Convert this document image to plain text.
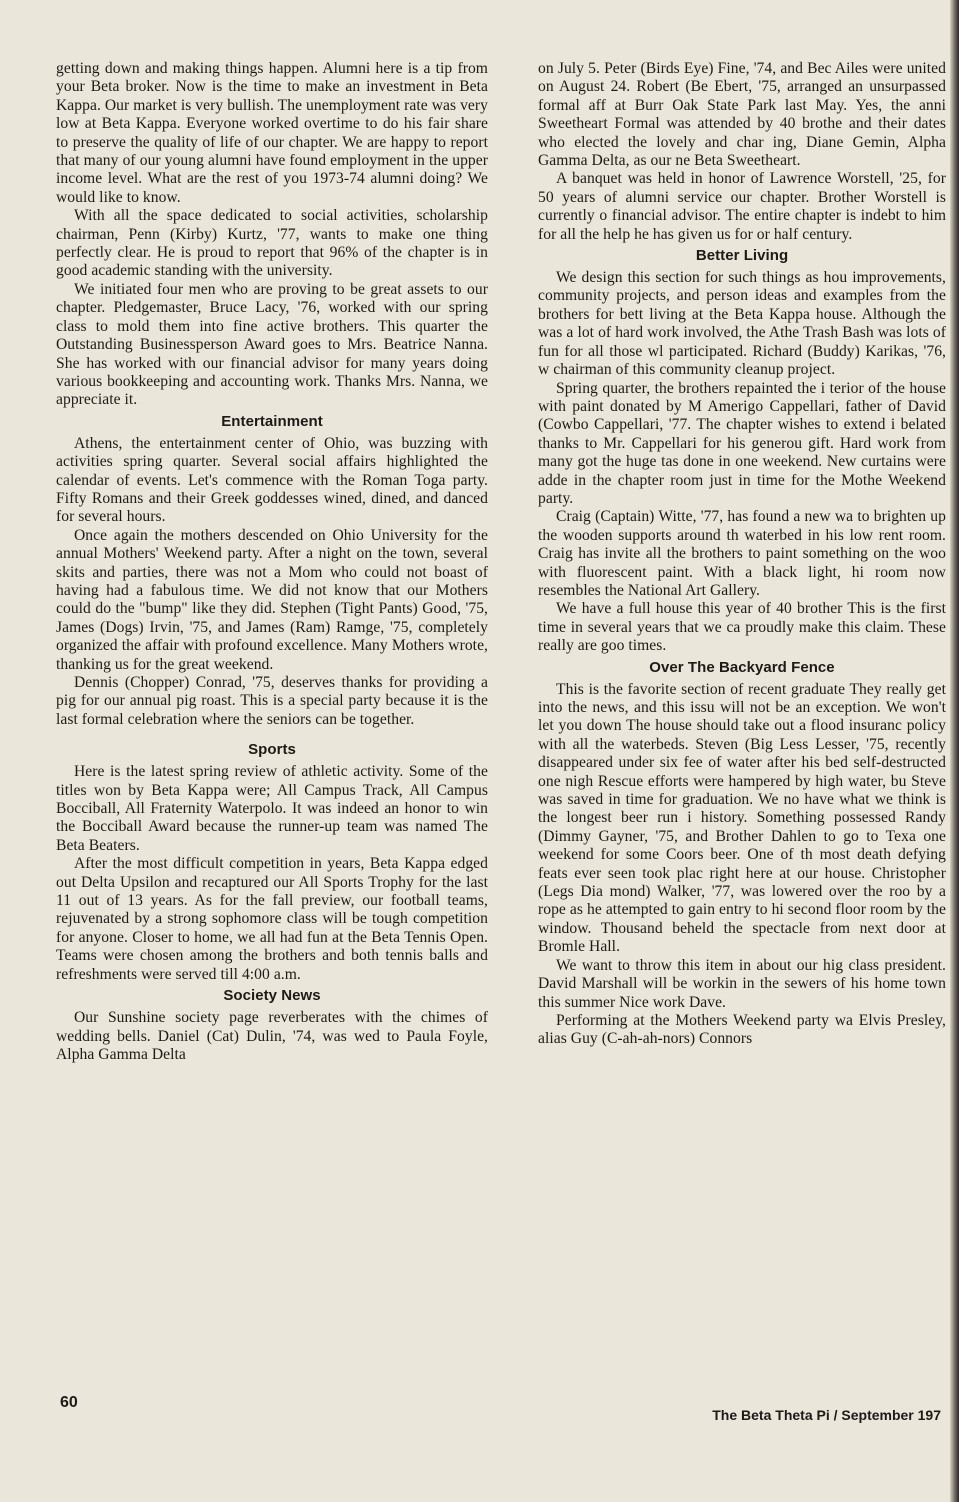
getting down and making things happen. Alumni here is a tip from your Beta broker. Now is the time to make an investment in Beta Kappa. Our market is very bullish. The unemployment rate was very low at Beta Kappa. Everyone worked overtime to do his fair share to preserve the quality of life of our chapter. We are happy to report that many of our young alumni have found employment in the upper income level. What are the rest of you 1973-74 alumni doing? We would like to know.

With all the space dedicated to social activities, scholarship chairman, Penn (Kirby) Kurtz, '77, wants to make one thing perfectly clear. He is proud to report that 96% of the chapter is in good academic standing with the university.

We initiated four men who are proving to be great assets to our chapter. Pledgemaster, Bruce Lacy, '76, worked with our spring class to mold them into fine active brothers. This quarter the Outstanding Businessperson Award goes to Mrs. Beatrice Nanna. She has worked with our financial advisor for many years doing various bookkeeping and accounting work. Thanks Mrs. Nanna, we appreciate it.

Entertainment

Athens, the entertainment center of Ohio, was buzzing with activities spring quarter. Several social affairs highlighted the calendar of events. Let's commence with the Roman Toga party. Fifty Romans and their Greek goddesses wined, dined, and danced for several hours.

Once again the mothers descended on Ohio University for the annual Mothers' Weekend party. After a night on the town, several skits and parties, there was not a Mom who could not boast of having had a fabulous time. We did not know that our Mothers could do the "bump" like they did. Stephen (Tight Pants) Good, '75, James (Dogs) Irvin, '75, and James (Ram) Ramge, '75, completely organized the affair with profound excellence. Many Mothers wrote, thanking us for the great weekend.

Dennis (Chopper) Conrad, '75, deserves thanks for providing a pig for our annual pig roast. This is a special party because it is the last formal celebration where the seniors can be together.

Sports

Here is the latest spring review of athletic activity. Some of the titles won by Beta Kappa were; All Campus Track, All Campus Bocciball, All Fraternity Waterpolo. It was indeed an honor to win the Bocciball Award because the runner-up team was named The Beta Beaters.

After the most difficult competition in years, Beta Kappa edged out Delta Upsilon and recaptured our All Sports Trophy for the last 11 out of 13 years. As for the fall preview, our football teams, rejuvenated by a strong sophomore class will be tough competition for anyone. Closer to home, we all had fun at the Beta Tennis Open. Teams were chosen among the brothers and both tennis balls and refreshments were served till 4:00 a.m.

Society News

Our Sunshine society page reverberates with the chimes of wedding bells. Daniel (Cat) Dulin, '74, was wed to Paula Foyle, Alpha Gamma Delta

on July 5. Peter (Birds Eye) Fine, '74, and Bec Ailes were united on August 24. Robert (Be Ebert, '75, arranged an unsurpassed formal aff at Burr Oak State Park last May. Yes, the anni Sweetheart Formal was attended by 40 brothe and their dates who elected the lovely and char ing, Diane Gemin, Alpha Gamma Delta, as our ne Beta Sweetheart.

A banquet was held in honor of Lawrence Worstell, '25, for 50 years of alumni service our chapter. Brother Worstell is currently o financial advisor. The entire chapter is indebt to him for all the help he has given us for or half century.

Better Living

We design this section for such things as hou improvements, community projects, and person ideas and examples from the brothers for bett living at the Beta Kappa house. Although the was a lot of hard work involved, the Athe Trash Bash was lots of fun for all those wl participated. Richard (Buddy) Karikas, '76, w chairman of this community cleanup project.

Spring quarter, the brothers repainted the i terior of the house with paint donated by M Amerigo Cappellari, father of David (Cowbo Cappellari, '77. The chapter wishes to extend i belated thanks to Mr. Cappellari for his generou gift. Hard work from many got the huge tas done in one weekend. New curtains were adde in the chapter room just in time for the Mothe Weekend party.

Craig (Captain) Witte, '77, has found a new wa to brighten up the wooden supports around th waterbed in his low rent room. Craig has invite all the brothers to paint something on the woo with fluorescent paint. With a black light, hi room now resembles the National Art Gallery.

We have a full house this year of 40 brother This is the first time in several years that we ca proudly make this claim. These really are goo times.

Over The Backyard Fence

This is the favorite section of recent graduate They really get into the news, and this issu will not be an exception. We won't let you down The house should take out a flood insuranc policy with all the waterbeds. Steven (Big Less Lesser, '75, recently disappeared under six fee of water after his bed self-destructed one nigh Rescue efforts were hampered by high water, bu Steve was saved in time for graduation. We no have what we think is the longest beer run i history. Something possessed Randy (Dimmy Gayner, '75, and Brother Dahlen to go to Texa one weekend for some Coors beer. One of th most death defying feats ever seen took plac right here at our house. Christopher (Legs Dia mond) Walker, '77, was lowered over the roo by a rope as he attempted to gain entry to hi second floor room by the window. Thousand beheld the spectacle from next door at Bromle Hall.

We want to throw this item in about our hig class president. David Marshall will be workin in the sewers of his home town this summer Nice work Dave.

Performing at the Mothers Weekend party wa Elvis Presley, alias Guy (C-ah-ah-nors) Connors

60
The Beta Theta Pi / September 197
